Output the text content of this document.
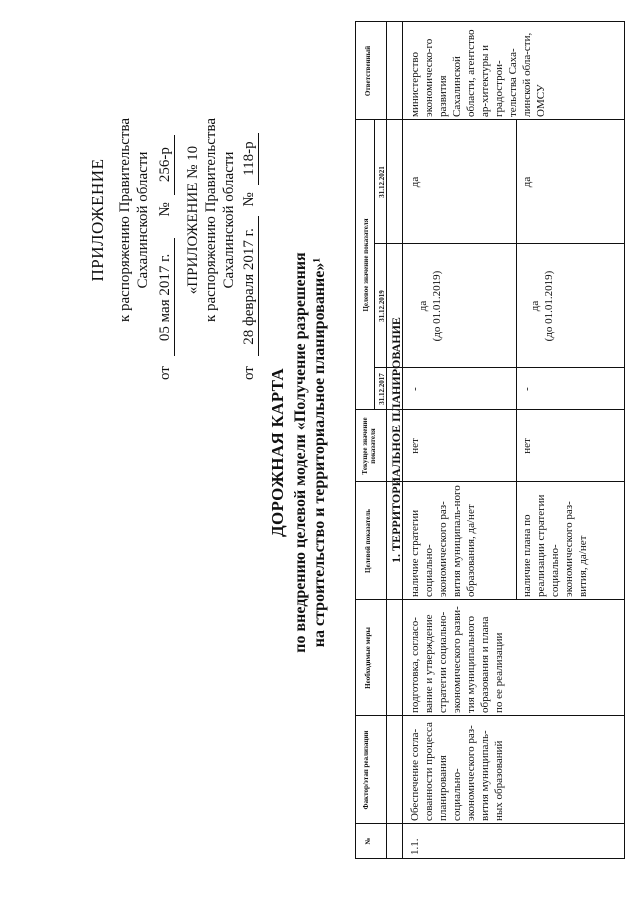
ПРИЛОЖЕНИЕ к распоряжению Правительства Сахалинской области
от 05 мая 2017 г. № 256-р «ПРИЛОЖЕНИЕ № 10 к распоряжению Правительства Сахалинской области
от 28 февраля 2017 г. № 118-р
ДОРОЖНАЯ КАРТА по внедрению целевой модели «Получение разрешения на строительство и территориальное планирование»¹
№
Фактор/этап реализации
Необходимые меры
Целевой показатель
Текущее значение показателя
Целевое значение показателя
31.12.2017
31.12.2019
31.12.2021
Ответственный
1. ТЕРРИТОРИАЛЬНОЕ ПЛАНИРОВАНИЕ
1.1.
Обеспечение согла-сованности процесса планирования социально-экономического раз-вития муниципаль-ных образований
подготовка, согласо-вание и утверждение стратегии социально-экономического разви-тия муниципального образования и плана по ее реализации
министерство экономическо-го развития Сахалинской области, агентство ар-хитектуры и градострои-тельства Саха-линской обла-сти, ОМСУ
наличие стратегии социально-экономического раз-вития муниципаль-ного образования, да/нет
нет
-
да (до 01.01.2019)
да
наличие плана по реализации стратегии социально-экономического раз-вития, да/нет
нет
-
да (до 01.01.2019)
да
